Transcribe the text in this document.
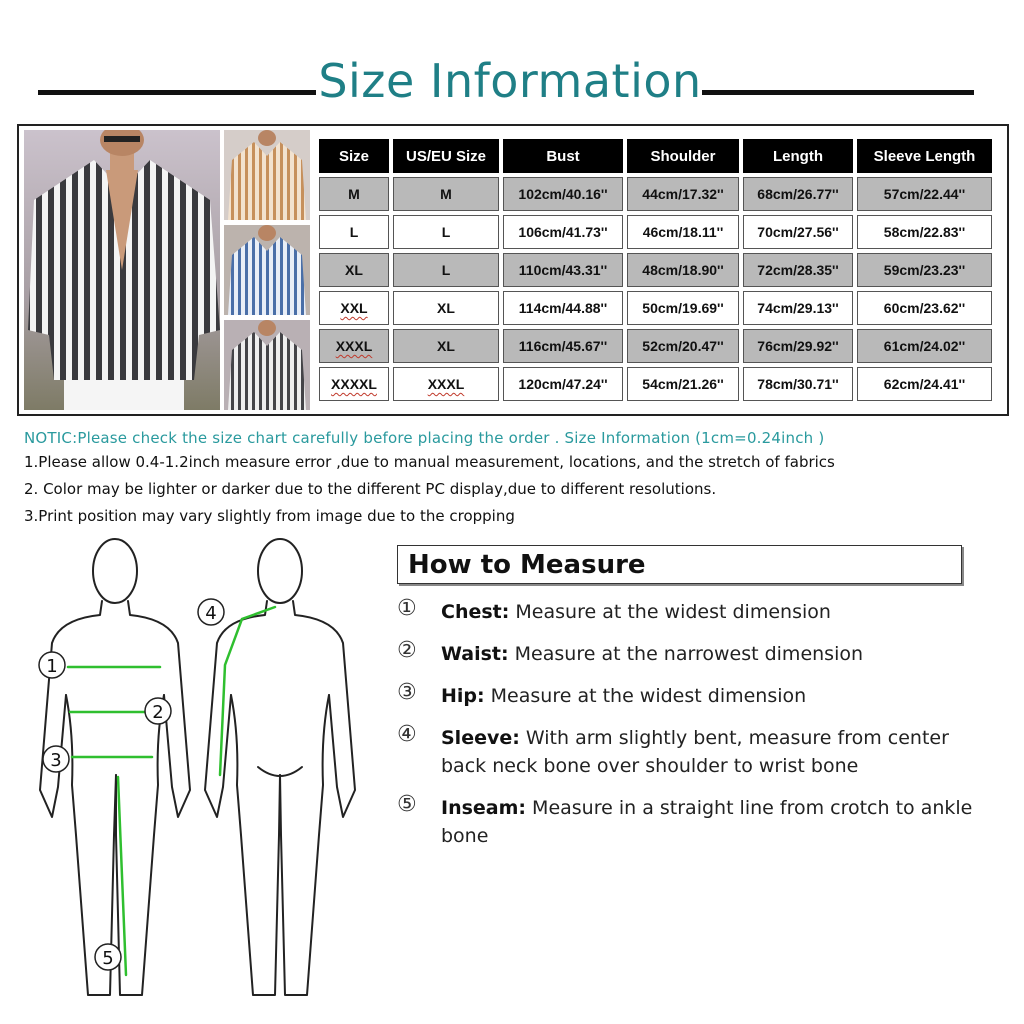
Size Information
Size	US/EU Size	Bust	Shoulder	Length	Sleeve Length
M	M	102cm/40.16''	44cm/17.32''	68cm/26.77''	57cm/22.44''
L	L	106cm/41.73''	46cm/18.11''	70cm/27.56''	58cm/22.83''
XL	L	110cm/43.31''	48cm/18.90''	72cm/28.35''	59cm/23.23''
XXL	XL	114cm/44.88''	50cm/19.69''	74cm/29.13''	60cm/23.62''
XXXL	XL	116cm/45.67''	52cm/20.47''	76cm/29.92''	61cm/24.02''
XXXXL	XXXL	120cm/47.24''	54cm/21.26''	78cm/30.71''	62cm/24.41''
NOTIC:Please check the size chart carefully before placing the order . Size Information (1cm=0.24inch )
1.Please allow 0.4-1.2inch measure error ,due to manual measurement, locations, and the stretch of fabrics
2. Color may be lighter or darker due to the different PC display,due to different resolutions.
3.Print position may vary slightly from image due to the cropping
1
2
3
4
5
How to Measure
① Chest: Measure at the widest dimension
② Waist: Measure at the narrowest dimension
③ Hip: Measure at the widest dimension
④ Sleeve: With arm slightly bent, measure from center back neck bone over shoulder to wrist bone
⑤ Inseam: Measure in a straight line from crotch to ankle bone
